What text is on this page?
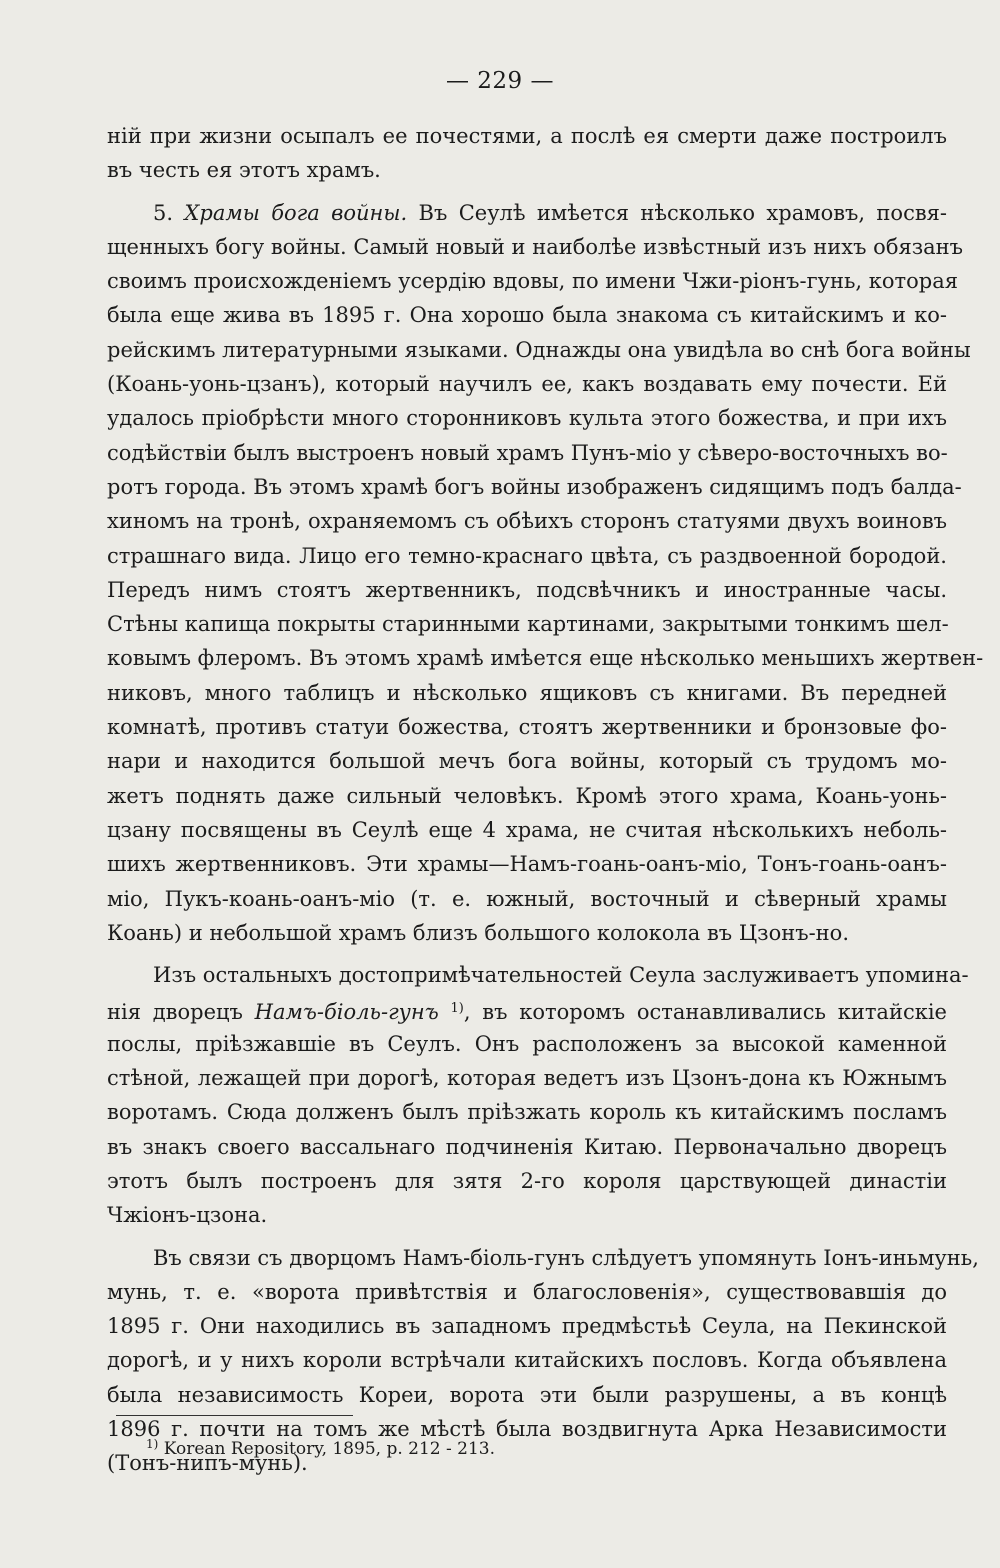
— 229 —
ній при жизни осыпалъ ее почестями, а послѣ ея смерти даже построилъ
въ честь ея этотъ храмъ.
5. Храмы бога войны. Въ Сеулѣ имѣется нѣсколько храмовъ, посвя-
щенныхъ богу войны. Самый новый и наиболѣе извѣстный изъ нихъ обязанъ
своимъ происхожденіемъ усердію вдовы, по имени Чжи-ріонъ-гунь, которая
была еще жива въ 1895 г. Она хорошо была знакома съ китайскимъ и ко-
рейскимъ литературными языками. Однажды она увидѣла во снѣ бога войны
(Коань-уонь-цзанъ), который научилъ ее, какъ воздавать ему почести. Ей
удалось пріобрѣсти много сторонниковъ культа этого божества, и при ихъ
содѣйствіи былъ выстроенъ новый храмъ Пунъ-міо у сѣверо-восточныхъ во-
ротъ города. Въ этомъ храмѣ богъ войны изображенъ сидящимъ подъ балда-
хиномъ на тронѣ, охраняемомъ съ обѣихъ сторонъ статуями двухъ воиновъ
страшнаго вида. Лицо его темно-краснаго цвѣта, съ раздвоенной бородой.
Передъ нимъ стоятъ жертвенникъ, подсвѣчникъ и иностранные часы.
Стѣны капища покрыты старинными картинами, закрытыми тонкимъ шел-
ковымъ флеромъ. Въ этомъ храмѣ имѣется еще нѣсколько меньшихъ жертвен-
никовъ, много таблицъ и нѣсколько ящиковъ съ книгами. Въ передней
комнатѣ, противъ статуи божества, стоятъ жертвенники и бронзовые фо-
нари и находится большой мечъ бога войны, который съ трудомъ мо-
жетъ поднять даже сильный человѣкъ. Кромѣ этого храма, Коань-уонь-
цзану посвящены въ Сеулѣ еще 4 храма, не считая нѣсколькихъ неболь-
шихъ жертвенниковъ. Эти храмы—Намъ-гоань-оанъ-міо, Тонъ-гоань-оанъ-
міо, Пукъ-коань-оанъ-міо (т. е. южный, восточный и сѣверный храмы
Коань) и небольшой храмъ близъ большого колокола въ Цзонъ-но.
Изъ остальныхъ достопримѣчательностей Сеула заслуживаетъ упомина-
нія дворецъ Намъ-біоль-гунъ $^{1)}$, въ которомъ останавливались китайскіе
послы, пріѣзжавшіе въ Сеулъ. Онъ расположенъ за высокой каменной
стѣной, лежащей при дорогѣ, которая ведетъ изъ Цзонъ-дона къ Южнымъ
воротамъ. Сюда долженъ былъ пріѣзжать король къ китайскимъ посламъ
въ знакъ своего вассальнаго подчиненія Китаю. Первоначально дворецъ
этотъ былъ построенъ для зятя 2-го короля царствующей династіи
Чжіонъ-цзона.
Въ связи съ дворцомъ Намъ-біоль-гунъ слѣдуетъ упомянуть Іонъ-иньмунь,
мунь, т. е. «ворота привѣтствія и благословенія», существовавшія до
1895 г. Они находились въ западномъ предмѣстьѣ Сеула, на Пекинской
дорогѣ, и у нихъ короли встрѣчали китайскихъ пословъ. Когда объявлена
была независимость Кореи, ворота эти были разрушены, а въ концѣ
1896 г. почти на томъ же мѣстѣ была воздвигнута Арка Независимости
(Тонъ-нипъ-мунь).
$^{1)}$ Korean Repository, 1895, p. 212 - 213.
